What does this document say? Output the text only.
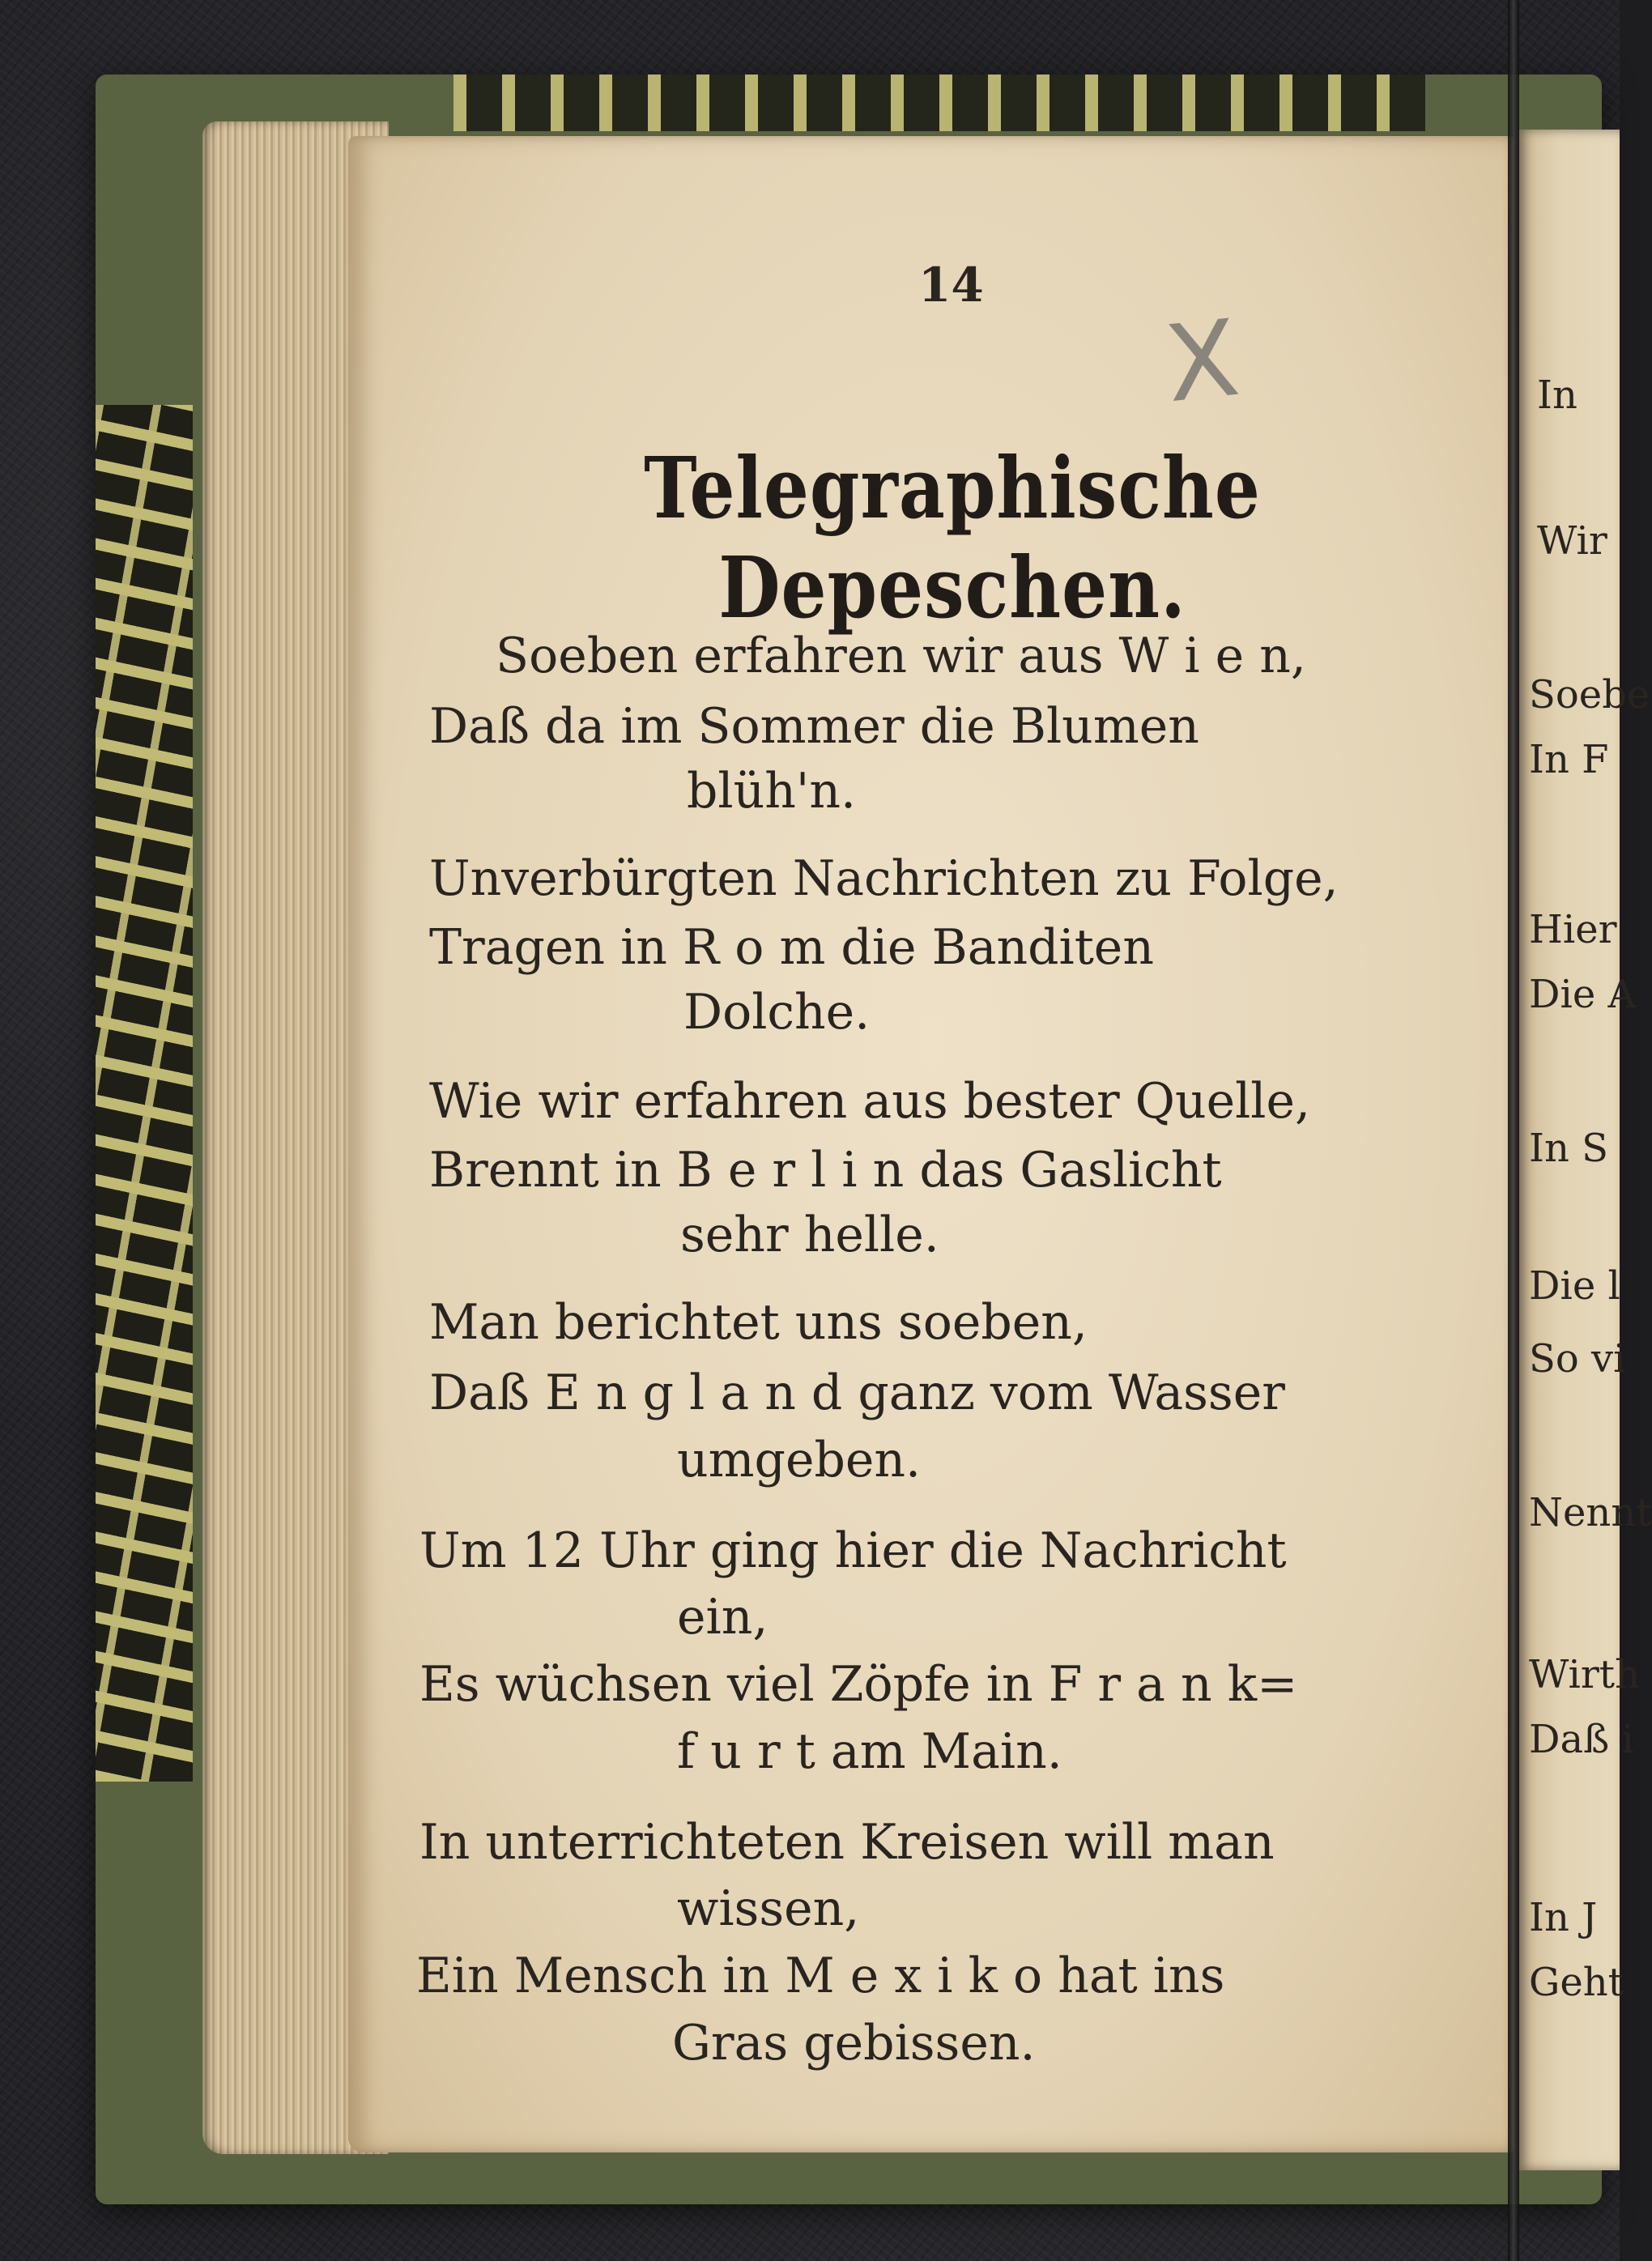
14
X
Telegraphische Depeschen.
Soeben erfahren wir aus W i e n,
Daß da im Sommer die Blumen
blüh'n.
Unverbürgten Nachrichten zu Folge,
Tragen in R o m die Banditen
Dolche.
Wie wir erfahren aus bester Quelle,
Brennt in B e r l i n das Gaslicht
sehr helle.
Man berichtet uns soeben,
Daß E n g l a n d ganz vom Wasser
umgeben.
Um 12 Uhr ging hier die Nachricht
ein,
Es wüchsen viel Zöpfe in F r a n k=
f u r t am Main.
In unterrichteten Kreisen will man
wissen,
Ein Mensch in M e x i k o hat ins
Gras gebissen.
In
Wir
Soebe
In F
Hier
Die A
In S
Die l
So vi
Nennt
Wirth
Daß i
In J
Geht
